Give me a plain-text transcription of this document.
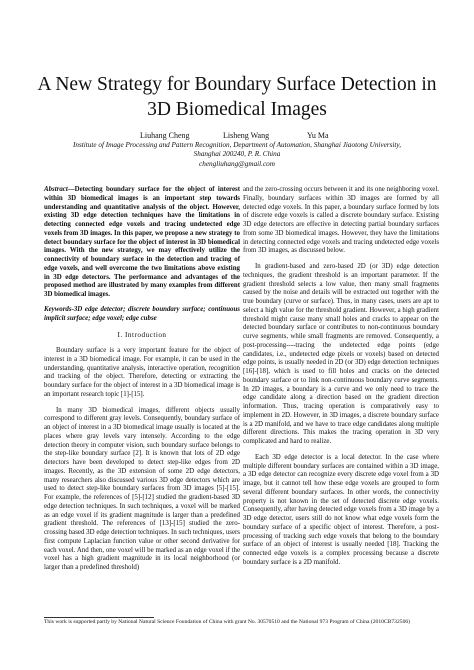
A New Strategy for Boundary Surface Detection in
3D Biomedical Images
Liuhang Cheng	Lisheng Wang	Yu Ma
Institute of Image Processing and Pattern Recognition, Department of Automation, Shanghai Jiaotong University,
Shanghai 200240, P. R. China
chengliuhang@gmail.com

Abstract—Detecting boundary surface for the object of interest within 3D biomedical images is an important step towards understanding and quantitative analysis of the object. However, existing 3D edge detection techniques have the limitations in detecting connected edge voxels and tracing undetected edge voxels from 3D images. In this paper, we propose a new strategy to detect boundary surface for the object of interest in 3D biomedical images. With the new strategy, we may effectively utilize the connectivity of boundary surface in the detection and tracing of edge voxels, and well overcome the two limitations above existing in 3D edge detectors. The performance and advantages of the proposed method are illustrated by many examples from different 3D biomedical images.

Keywords-3D edge detector; discrete boundary surface; continuous implicit surface; edge voxel; edge cubse

I. Introduction

Boundary surface is a very important feature for the object of interest in a 3D biomedical image. For example, it can be used in the understanding, quantitative analysis, interactive operation, recognition and tracking of the object. Therefore, detecting or extracting the boundary surface for the object of interest in a 3D biomedical image is an important research topic [1]-[15].

In many 3D biomedical images, different objects usually correspond to different gray levels. Consequently, boundary surface of an object of interest in a 3D biomedical image usually is located at the places where gray levels vary intensely. According to the edge detection theory in computer vision, such boundary surface belongs to the step-like boundary surface [2]. It is known that lots of 2D edge detectors have been developed to detect step-like edges from 2D images. Recently, as the 3D extension of some 2D edge detectors, many researchers also discussed various 3D edge detectors which are used to detect step-like boundary surfaces from 3D images [5]-[15]. For example, the references of [5]-[12] studied the gradient-based 3D edge detection techniques. In such techniques, a voxel will be marked as an edge voxel if its gradient magnitude is larger than a predefined gradient threshold. The references of [13]-[15] studied the zero-crossing based 3D edge detection techniques. In such techniques, users first compute Laplacian function value or other second derivative for each voxel. And then, one voxel will be marked as an edge voxel if the voxel has a high gradient magnitude in its local neighborhood (or larger than a predefined threshold)

and the zero-crossing occurs between it and its one neighboring voxel. Finally, boundary surfaces within 3D images are formed by all detected edge voxels. In this paper, a boundary surface formed by lots of discrete edge voxels is called a discrete boundary surface. Existing 3D edge detectors are effective in detecting partial boundary surfaces from some 3D biomedical images. However, they have the limitations in detecting connected edge voxels and tracing undetected edge voxels from 3D images, as discussed below.

In gradient-based and zero-based 2D (or 3D) edge detection techniques, the gradient threshold is an important parameter. If the gradient threshold selects a low value, then many small fragments caused by the noise and details will be extracted out together with the true boundary (curve or surface). Thus, in many cases, users are apt to select a high value for the threshold gradient. However, a high gradient threshold might cause many small holes and cracks to appear on the detected boundary surface or contributes to non-continuous boundary curve segments, while small fragments are removed. Consequently, a post-processing----tracing the undetected edge points (edge candidates, i.e., undetected edge pixels or voxels) based on detected edge points, is usually needed in 2D (or 3D) edge detection techniques [16]-[18], which is used to fill holes and cracks on the detected boundary surface or to link non-continuous boundary curve segments. In 2D images, a boundary is a curve and we only need to trace the edge candidate along a direction based on the gradient direction information. Thus, tracing operation is comparatively easy to implement in 2D. However, in 3D images, a discrete boundary surface is a 2D manifold, and we have to trace edge candidates along multiple different directions. This makes the tracing operation in 3D very complicated and hard to realize.

Each 3D edge detector is a local detector. In the case where multiple different boundary surfaces are contained within a 3D image, a 3D edge detector can recognize every discrete edge voxel from a 3D image, but it cannot tell how these edge voxels are grouped to form several different boundary surfaces. In other words, the connectivity property is not known in the set of detected discrete edge voxels. Consequently, after having detected edge voxels from a 3D image by a 3D edge detector, users still do not know what edge voxels form the boundary surface of a specific object of interest. Therefore, a post-processing of tracking such edge voxels that belong to the boundary surface of an object of interest is usually needed [18]. Tracking the connected edge voxels is a complex processing because a discrete boundary surface is a 2D manifold.

This work is supported partly by National Natural Science Foundation of China with grant No. 30570510 and the National 973 Program of China (2010CB732506)
